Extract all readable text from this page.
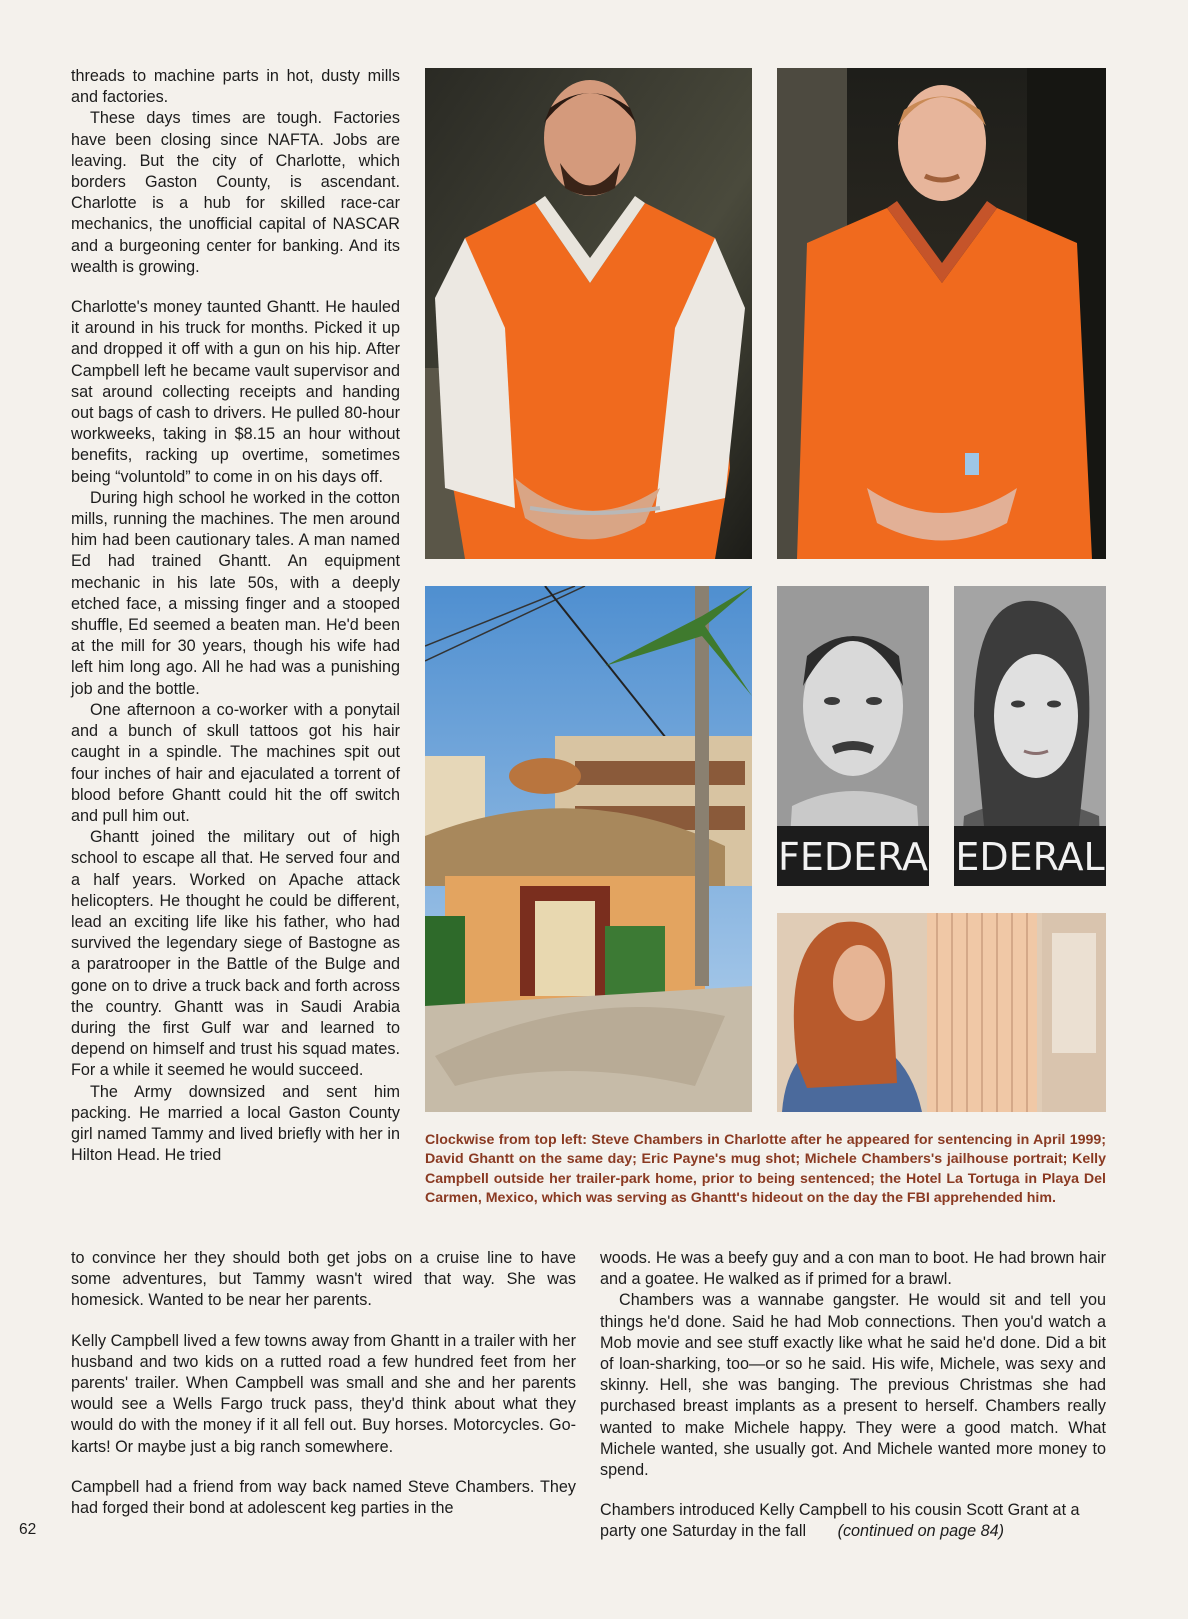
threads to machine parts in hot, dusty mills and factories.

These days times are tough. Factories have been closing since NAFTA. Jobs are leaving. But the city of Charlotte, which borders Gaston County, is ascendant. Charlotte is a hub for skilled race-car mechanics, the unofficial capital of NASCAR and a burgeoning center for banking. And its wealth is growing.

Charlotte's money taunted Ghantt. He hauled it around in his truck for months. Picked it up and dropped it off with a gun on his hip. After Campbell left he became vault supervisor and sat around collecting receipts and handing out bags of cash to drivers. He pulled 80-hour workweeks, taking in $8.15 an hour without benefits, racking up overtime, sometimes being “voluntold” to come in on his days off.

During high school he worked in the cotton mills, running the machines. The men around him had been cautionary tales. A man named Ed had trained Ghantt. An equipment mechanic in his late 50s, with a deeply etched face, a missing finger and a stooped shuffle, Ed seemed a beaten man. He'd been at the mill for 30 years, though his wife had left him long ago. All he had was a punishing job and the bottle.

One afternoon a co-worker with a ponytail and a bunch of skull tattoos got his hair caught in a spindle. The machines spit out four inches of hair and ejaculated a torrent of blood before Ghantt could hit the off switch and pull him out.

Ghantt joined the military out of high school to escape all that. He served four and a half years. Worked on Apache attack helicopters. He thought he could be different, lead an exciting life like his father, who had survived the legendary siege of Bastogne as a paratrooper in the Battle of the Bulge and gone on to drive a truck back and forth across the country. Ghantt was in Saudi Arabia during the first Gulf war and learned to depend on himself and trust his squad mates. For a while it seemed he would succeed.

The Army downsized and sent him packing. He married a local Gaston County girl named Tammy and lived briefly with her in Hilton Head. He tried

FEDERA EDERAL
Clockwise from top left: Steve Chambers in Charlotte after he appeared for sentencing in April 1999; David Ghantt on the same day; Eric Payne's mug shot; Michele Chambers's jailhouse portrait; Kelly Campbell outside her trailer-park home, prior to being sentenced; the Hotel La Tortuga in Playa Del Carmen, Mexico, which was serving as Ghantt's hideout on the day the FBI apprehended him.

to convince her they should both get jobs on a cruise line to have some adventures, but Tammy wasn't wired that way. She was homesick. Wanted to be near her parents.

Kelly Campbell lived a few towns away from Ghantt in a trailer with her husband and two kids on a rutted road a few hundred feet from her parents' trailer. When Campbell was small and she and her parents would see a Wells Fargo truck pass, they'd think about what they would do with the money if it all fell out. Buy horses. Motorcycles. Go-karts! Or maybe just a big ranch somewhere.

Campbell had a friend from way back named Steve Chambers. They had forged their bond at adolescent keg parties in the

woods. He was a beefy guy and a con man to boot. He had brown hair and a goatee. He walked as if primed for a brawl.

Chambers was a wannabe gangster. He would sit and tell you things he'd done. Said he had Mob connections. Then you'd watch a Mob movie and see stuff exactly like what he said he'd done. Did a bit of loan-sharking, too—or so he said. His wife, Michele, was sexy and skinny. Hell, she was banging. The previous Christmas she had purchased breast implants as a present to herself. Chambers really wanted to make Michele happy. They were a good match. What Michele wanted, she usually got. And Michele wanted more money to spend.

Chambers introduced Kelly Campbell to his cousin Scott Grant at a party one Saturday in the fall (continued on page 84)

62
